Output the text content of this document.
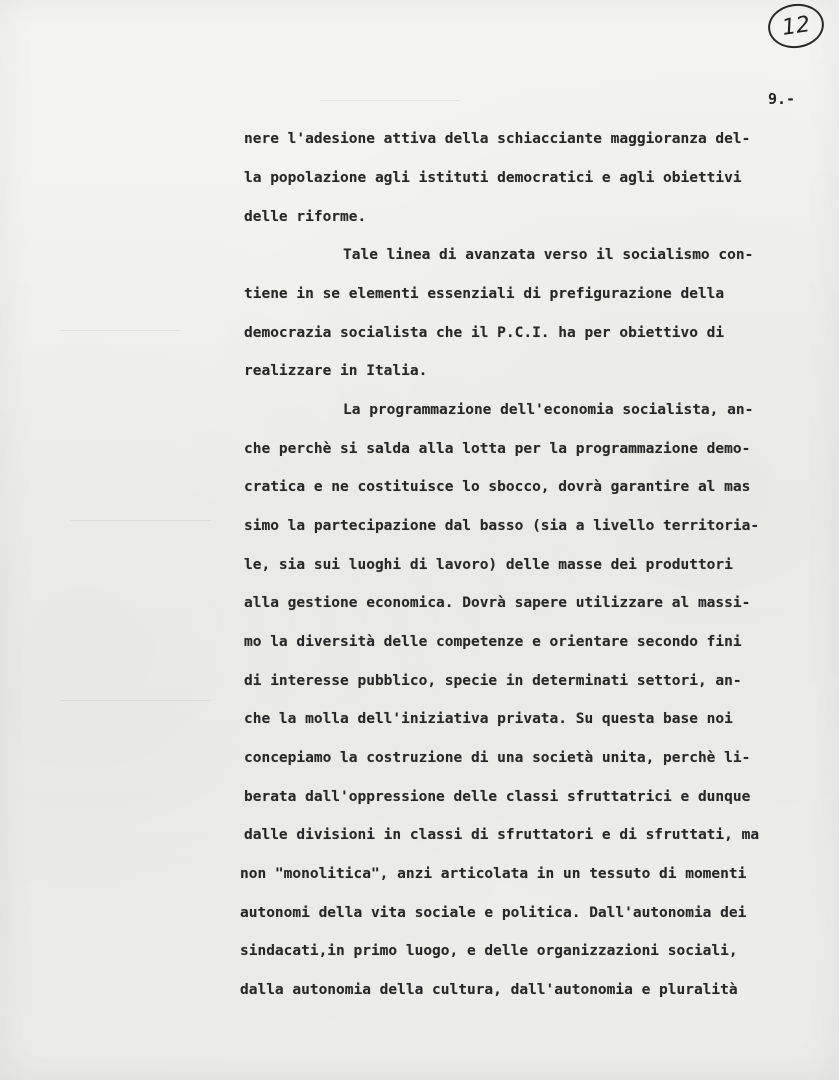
12
9.-
nere l'adesione attiva della schiacciante maggioranza del-
la popolazione agli istituti democratici e agli obiettivi
delle riforme.
Tale linea di avanzata verso il socialismo con-
tiene in se elementi essenziali di prefigurazione della
democrazia socialista che il P.C.I. ha per obiettivo di
realizzare in Italia.
La programmazione dell'economia socialista, an-
che perchè si salda alla lotta per la programmazione demo-
cratica e ne costituisce lo sbocco, dovrà garantire al mas
simo la partecipazione dal basso (sia a livello territoria-
le, sia sui luoghi di lavoro) delle masse dei produttori
alla gestione economica. Dovrà sapere utilizzare al massi-
mo la diversità delle competenze e orientare secondo fini
di interesse pubblico, specie in determinati settori, an-
che la molla dell'iniziativa privata. Su questa base noi
concepiamo la costruzione di una società unita, perchè li-
berata dall'oppressione delle classi sfruttatrici e dunque
dalle divisioni in classi di sfruttatori e di sfruttati, ma
non "monolitica", anzi articolata in un tessuto di momenti
autonomi della vita sociale e politica. Dall'autonomia dei
sindacati,in primo luogo, e delle organizzazioni sociali,
dalla autonomia della cultura, dall'autonomia e pluralità
